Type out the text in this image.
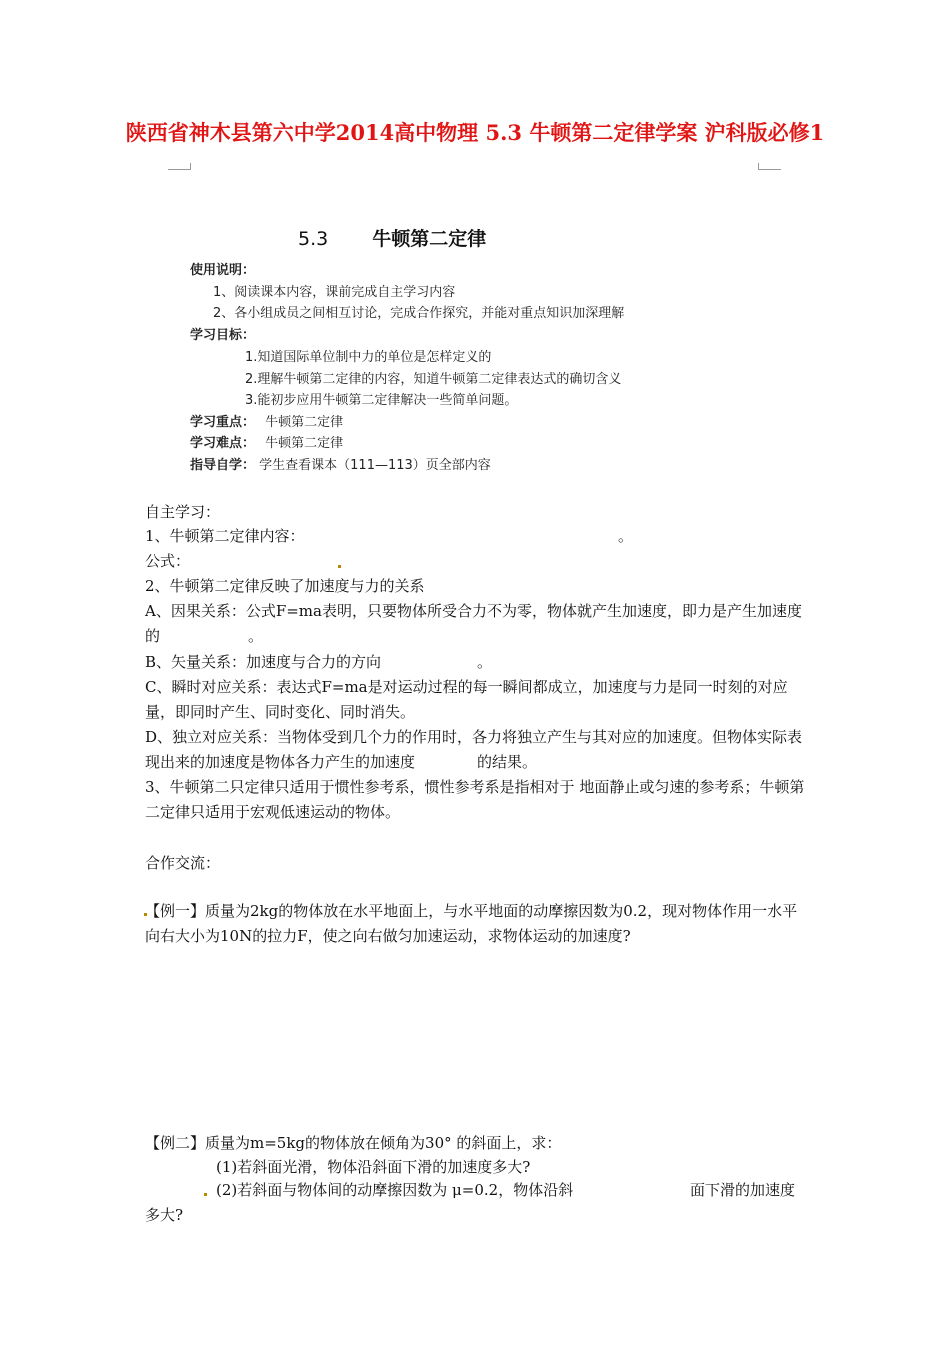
陕西省神木县第六中学2014高中物理 5.3 牛顿第二定律学案 沪科版必修1
5.3 牛顿第二定律
使用说明：
1、阅读课本内容，课前完成自主学习内容
2、各小组成员之间相互讨论，完成合作探究，并能对重点知识加深理解
学习目标：
1.知道国际单位制中力的单位是怎样定义的
2.理解牛顿第二定律的内容，知道牛顿第二定律表达式的确切含义
3.能初步应用牛顿第二定律解决一些简单问题。
学习重点： 牛顿第二定律
学习难点： 牛顿第二定律
指导自学： 学生查看课本（111—113）页全部内容
自主学习：
1、牛顿第二定律内容：	。
公式：
2、牛顿第二定律反映了加速度与力的关系
A、因果关系：公式F=ma表明，只要物体所受合力不为零，物体就产生加速度，即力是产生加速度的	。
B、矢量关系：加速度与合力的方向	。
C、瞬时对应关系：表达式F=ma是对运动过程的每一瞬间都成立，加速度与力是同一时刻的对应量，即同时产生、同时变化、同时消失。
D、独立对应关系：当物体受到几个力的作用时，各力将独立产生与其对应的加速度。但物体实际表现出来的加速度是物体各力产生的加速度	的结果。
3、牛顿第二只定律只适用于惯性参考系，惯性参考系是指相对于 地面静止或匀速的参考系；牛顿第二定律只适用于宏观低速运动的物体。
合作交流：
【例一】质量为2kg的物体放在水平地面上，与水平地面的动摩擦因数为0.2，现对物体作用一水平向右大小为10N的拉力F，使之向右做匀加速运动，求物体运动的加速度?
【例二】质量为m=5kg的物体放在倾角为30° 的斜面上，求：
(1)若斜面光滑，物体沿斜面下滑的加速度多大?
(2)若斜面与物体间的动摩擦因数为 μ=0.2，物体沿斜	面下滑的加速度
多大?
